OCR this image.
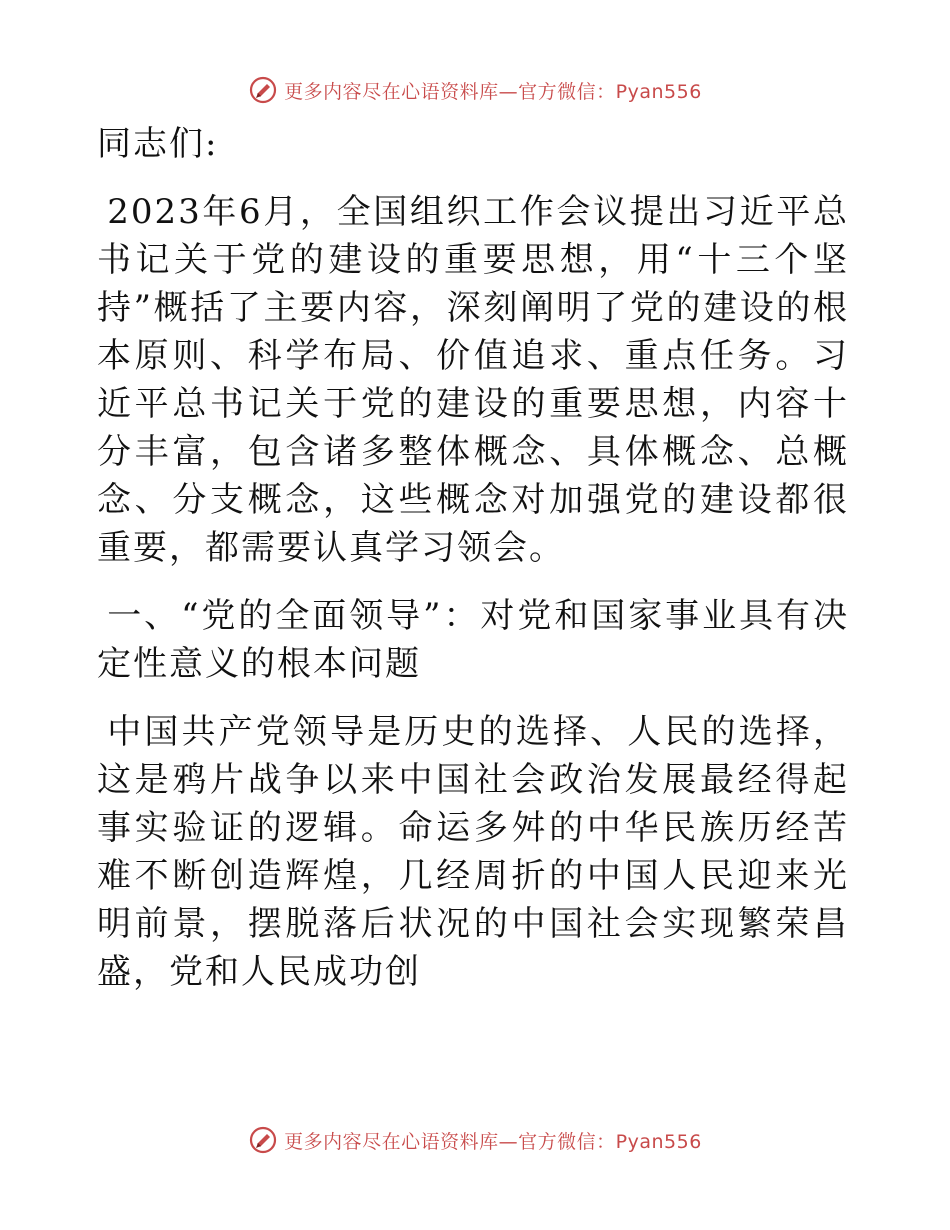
更多内容尽在心语资料库—官方微信：Pyan556

同志们:

2023年6月，全国组织工作会议提出习近平总书记关于党的建设的重要思想，用“十三个坚持”概括了主要内容，深刻阐明了党的建设的根本原则、科学布局、价值追求、重点任务。习近平总书记关于党的建设的重要思想，内容十分丰富，包含诸多整体概念、具体概念、总概念、分支概念，这些概念对加强党的建设都很重要，都需要认真学习领会。

一、“党的全面领导”：对党和国家事业具有决定性意义的根本问题

中国共产党领导是历史的选择、人民的选择，这是鸦片战争以来中国社会政治发展最经得起事实验证的逻辑。命运多舛的中华民族历经苦难不断创造辉煌，几经周折的中国人民迎来光明前景，摆脱落后状况的中国社会实现繁荣昌盛，党和人民成功创

更多内容尽在心语资料库—官方微信：Pyan556
